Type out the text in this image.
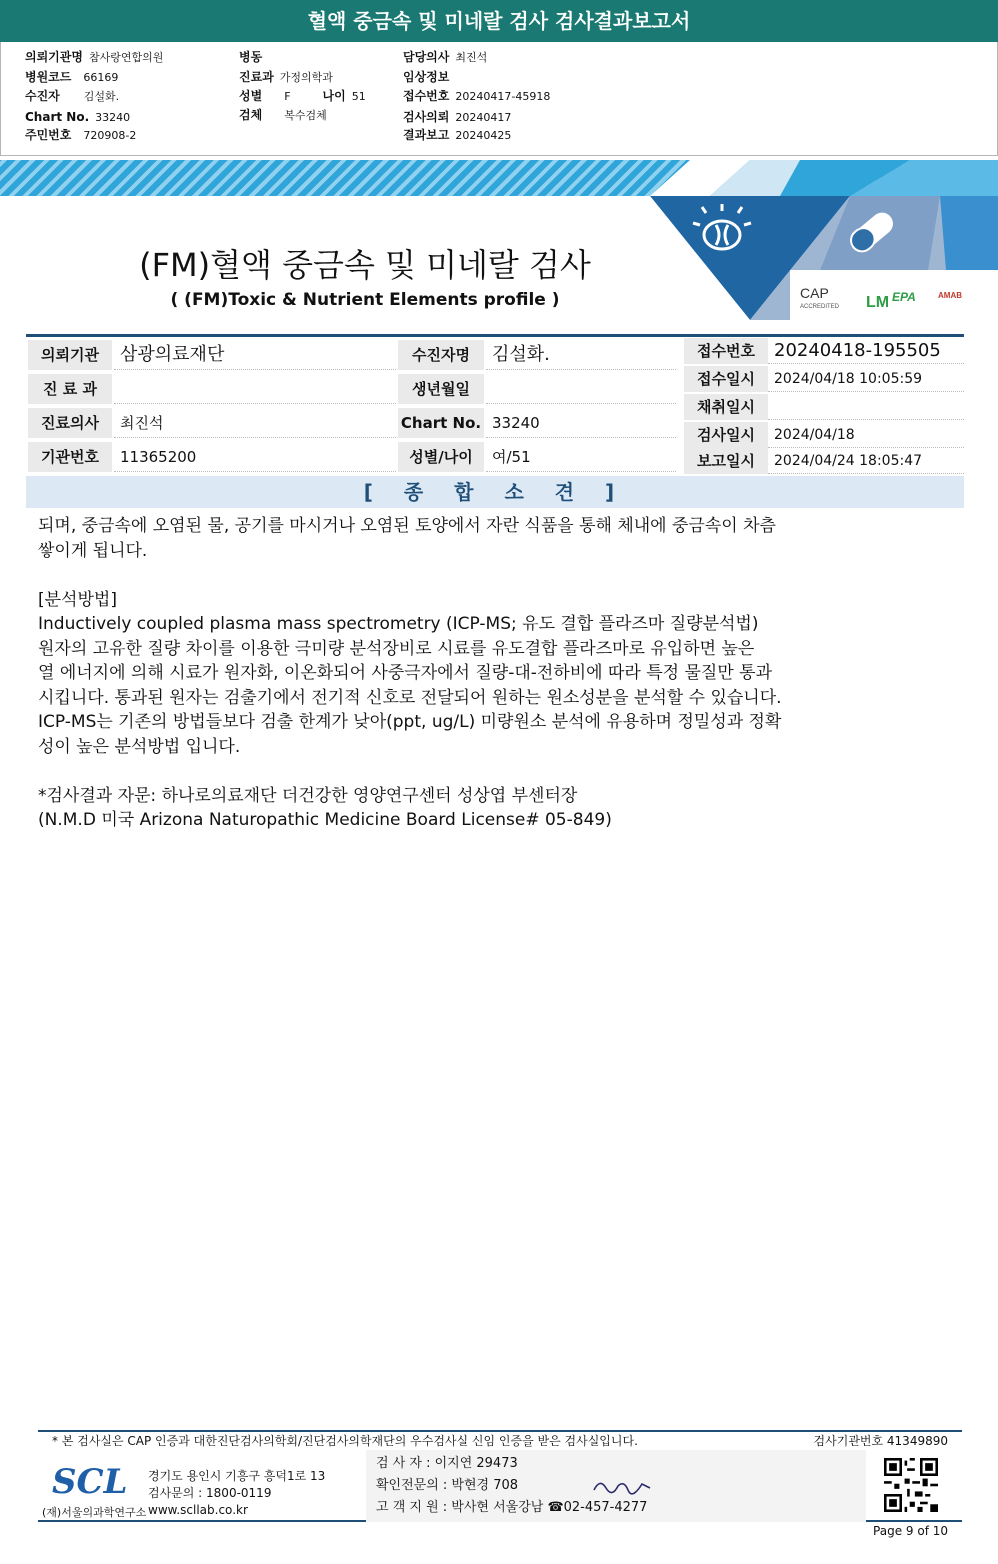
혈액 중금속 및 미네랄 검사 검사결과보고서
의뢰기관명 참사랑연합의원
병원코드 66169
수진자 김설화.
Chart No. 33240
주민번호 720908-2
병동
진료과 가정의학과
성별 F	나이 51
검체 복수검체
담당의사 최진석
임상정보
접수번호 20240417-45918
검사의뢰 20240417
결과보고 20240425
CAP
ACCREDITED LM EPA	AMAB
(FM)혈액 중금속 및 미네랄 검사
( (FM)Toxic & Nutrient Elements profile )
의뢰기관	삼광의료재단
진 료 과
진료의사	최진석
기관번호	11365200
수진자명	김설화.
생년월일
Chart No. 33240
성별/나이	여/51
접수번호	20240418-195505
접수일시	2024/04/18 10:05:59
채취일시
검사일시	2024/04/18
보고일시	2024/04/24 18:05:47
[ 종 합 소 견 ]

되며, 중금속에 오염된 물, 공기를 마시거나 오염된 토양에서 자란 식품을 통해 체내에 중금속이 차츰

쌓이게 됩니다.

[분석방법]

Inductively coupled plasma mass spectrometry (ICP-MS; 유도 결합 플라즈마 질량분석법)

원자의 고유한 질량 차이를 이용한 극미량 분석장비로 시료를 유도결합 플라즈마로 유입하면 높은

열 에너지에 의해 시료가 원자화, 이온화되어 사중극자에서 질량-대-전하비에 따라 특정 물질만 통과

시킵니다. 통과된 원자는 검출기에서 전기적 신호로 전달되어 원하는 원소성분을 분석할 수 있습니다.

ICP-MS는 기존의 방법들보다 검출 한계가 낮아(ppt, ug/L) 미량원소 분석에 유용하며 정밀성과 정확

성이 높은 분석방법 입니다.

*검사결과 자문: 하나로의료재단 더건강한 영양연구센터 성상엽 부센터장

(N.M.D 미국 Arizona Naturopathic Medicine Board License# 05-849)

* 본 검사실은 CAP 인증과 대한진단검사의학회/진단검사의학재단의 우수검사실 신임 인증을 받은 검사실입니다.	검사기관번호 41349890
SCL
(재)서울의과학연구소
경기도 용인시 기흥구 흥덕1로 13
검사문의 : 1800-0119
www.scllab.co.kr
검 사 자 : 이지연 29473
확인전문의 : 박현경 708
고 객 지 원 : 박사현 서울강남 ☎02-457-4277
Page 9 of 10
